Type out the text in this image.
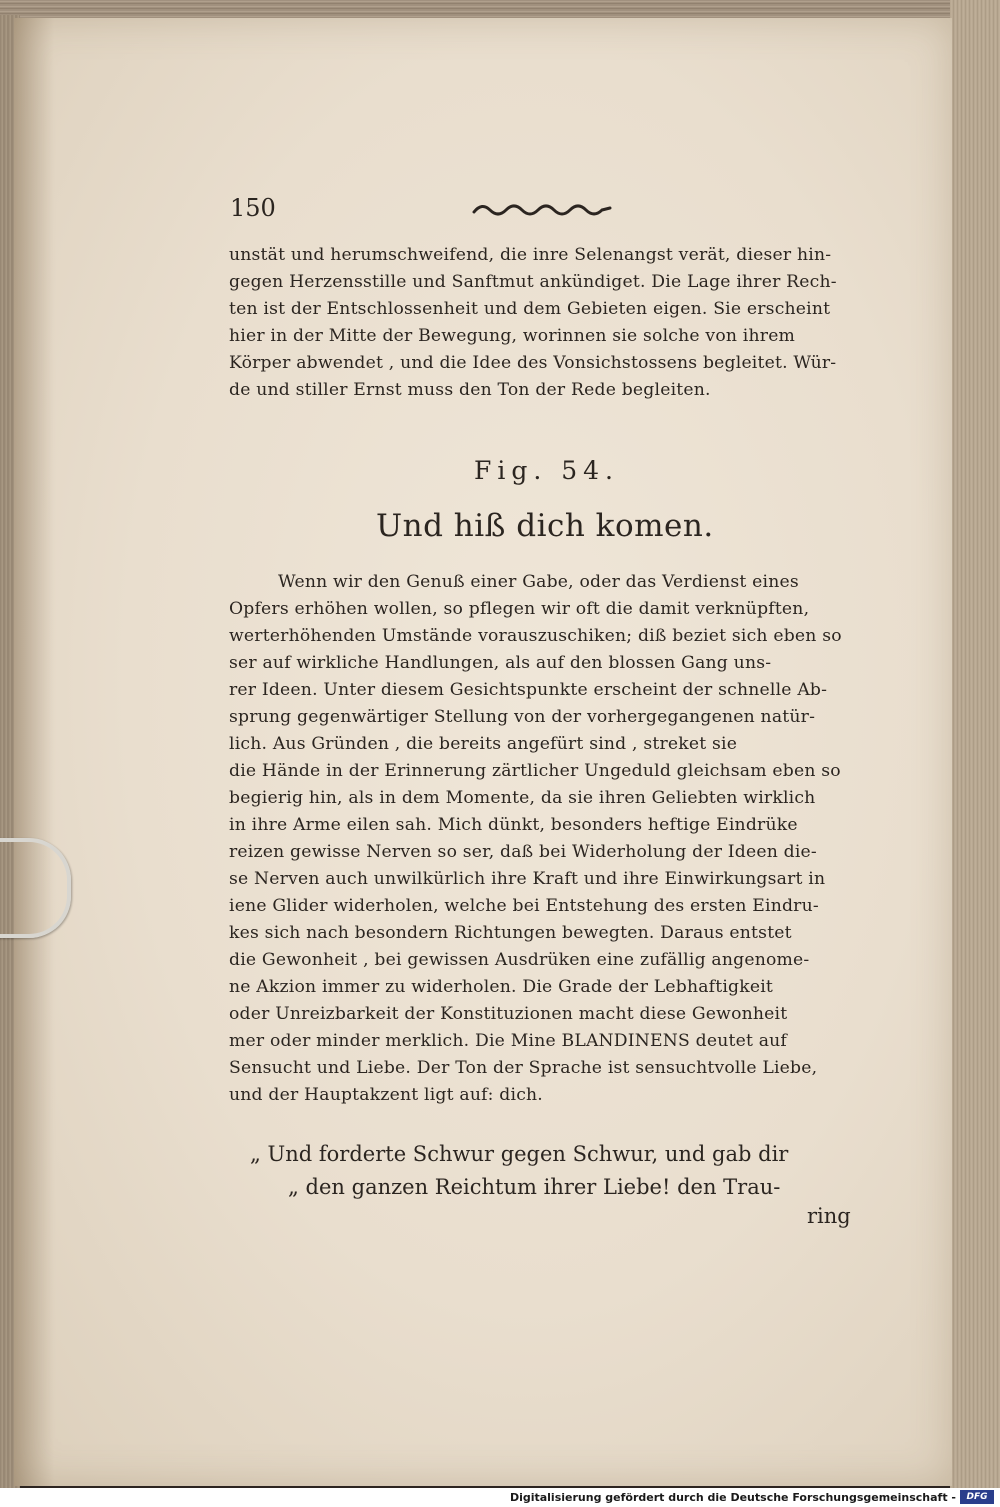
150
unstät und herumschweifend, die inre Selenangst verät, dieser hin-
gegen Herzensstille und Sanftmut ankündiget. Die Lage ihrer Rech-
ten ist der Entschlossenheit und dem Gebieten eigen. Sie erscheint
hier in der Mitte der Bewegung, worinnen sie solche von ihrem
Körper abwendet , und die Idee des Vonsichstossens begleitet. Wür-
de und stiller Ernst muss den Ton der Rede begleiten.
Fig. 54.
Und hiß dich komen.
Wenn wir den Genuß einer Gabe, oder das Verdienst eines
Opfers erhöhen wollen, so pflegen wir oft die damit verknüpften,
werterhöhenden Umstände vorauszuschiken; diß beziet sich eben so
ser auf wirkliche Handlungen, als auf den blossen Gang uns-
rer Ideen. Unter diesem Gesichtspunkte erscheint der schnelle Ab-
sprung gegenwärtiger Stellung von der vorhergegangenen natür-
lich. Aus Gründen , die bereits angefürt sind , streket sie
die Hände in der Erinnerung zärtlicher Ungeduld gleichsam eben so
begierig hin, als in dem Momente, da sie ihren Geliebten wirklich
in ihre Arme eilen sah. Mich dünkt, besonders heftige Eindrüke
reizen gewisse Nerven so ser, daß bei Widerholung der Ideen die-
se Nerven auch unwilkürlich ihre Kraft und ihre Einwirkungsart in
iene Glider widerholen, welche bei Entstehung des ersten Eindru-
kes sich nach besondern Richtungen bewegten. Daraus entstet
die Gewonheit , bei gewissen Ausdrüken eine zufällig angenome-
ne Akzion immer zu widerholen. Die Grade der Lebhaftigkeit
oder Unreizbarkeit der Konstituzionen macht diese Gewonheit
mer oder minder merklich. Die Mine BLANDINENS deutet auf
Sensucht und Liebe. Der Ton der Sprache ist sensuchtvolle Liebe,
und der Hauptakzent ligt auf: dich.
„ Und forderte Schwur gegen Schwur, und gab dir
„ den ganzen Reichtum ihrer Liebe! den Trau-
ring
Digitalisierung gefördert durch die Deutsche Forschungsgemeinschaft -	DFG
